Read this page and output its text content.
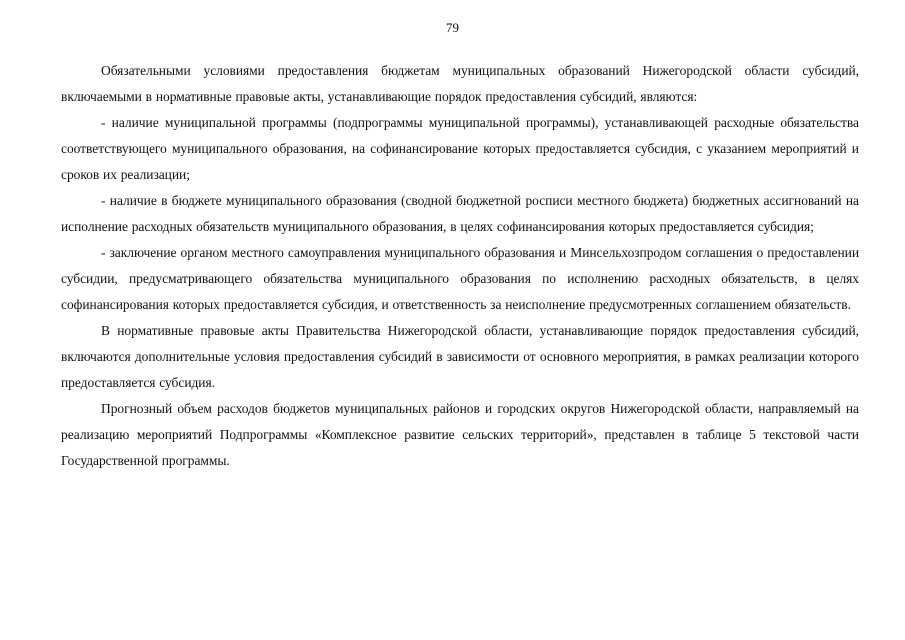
79

Обязательными условиями предоставления бюджетам муниципальных образований Нижегородской области субсидий, включаемыми в нормативные правовые акты, устанавливающие порядок предоставления субсидий, являются:

- наличие муниципальной программы (подпрограммы муниципальной программы), устанавливающей расходные обязательства соответствующего муниципального образования, на софинансирование которых предоставляется субсидия, с указанием мероприятий и сроков их реализации;

- наличие в бюджете муниципального образования (сводной бюджетной росписи местного бюджета) бюджетных ассигнований на исполнение расходных обязательств муниципального образования, в целях софинансирования которых предоставляется субсидия;

- заключение органом местного самоуправления муниципального образования и Минсельхозпродом соглашения о предоставлении субсидии, предусматривающего обязательства муниципального образования по исполнению расходных обязательств, в целях софинансирования которых предоставляется субсидия, и ответственность за неисполнение предусмотренных соглашением обязательств.

В нормативные правовые акты Правительства Нижегородской области, устанавливающие порядок предоставления субсидий, включаются дополнительные условия предоставления субсидий в зависимости от основного мероприятия, в рамках реализации которого предоставляется субсидия.

Прогнозный объем расходов бюджетов муниципальных районов и городских округов Нижегородской области, направляемый на реализацию мероприятий Подпрограммы «Комплексное развитие сельских территорий», представлен в таблице 5 текстовой части Государственной программы.
